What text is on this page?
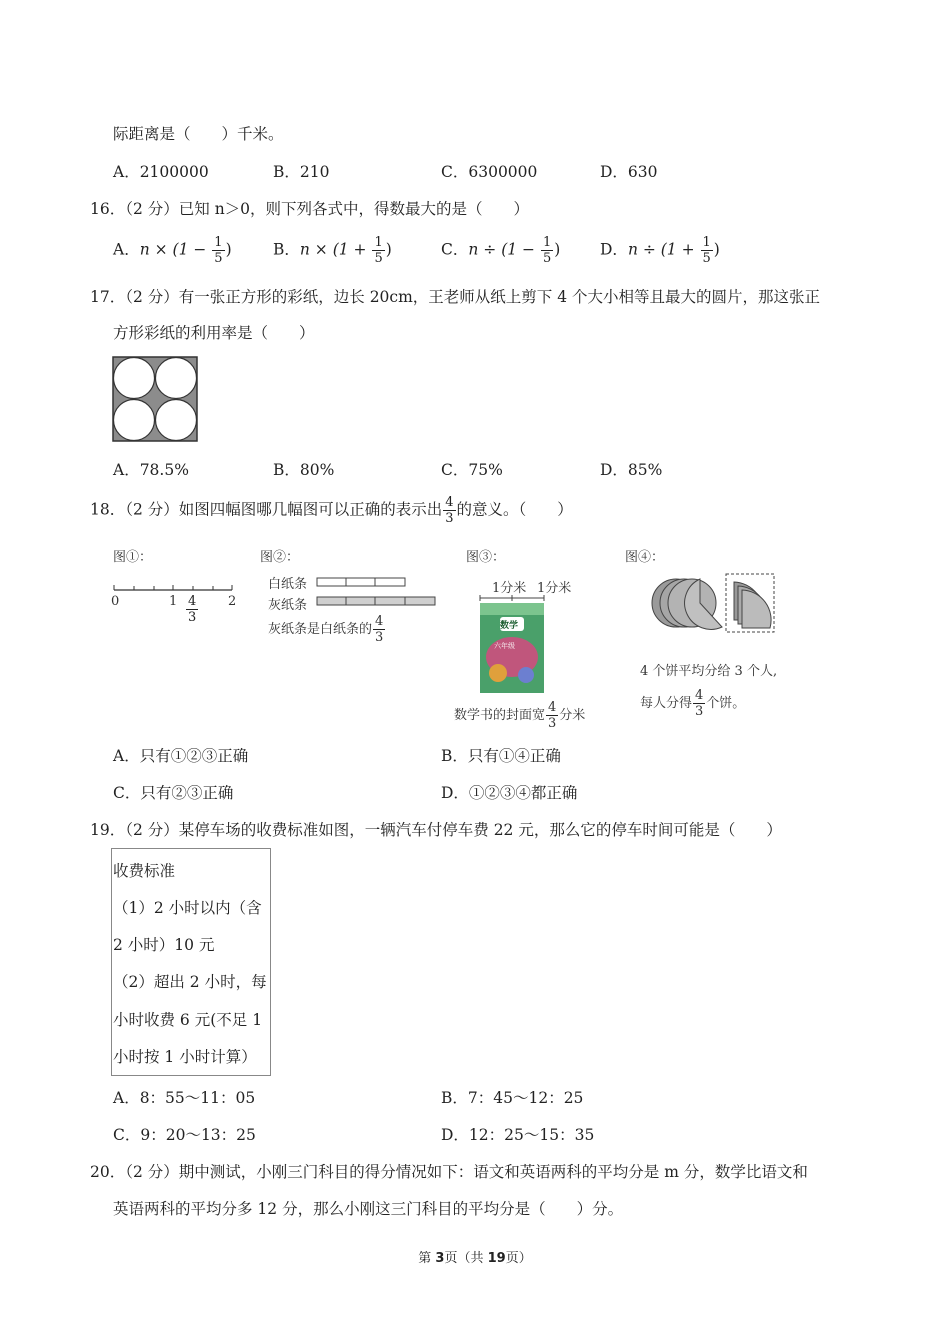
际距离是（　　）千米。
A．2100000	B．210	C．6300000	D．630
16．（2 分）已知 n＞0，则下列各式中，得数最大的是（　　）
A．$n \times (1 - \frac{1}{5}$ )	B．$n \times (1 + \frac{1}{5}$ )	C．$n \div (1 - \frac{1}{5}$ )	D．$n \div (1 + \frac{1}{5}$ )
17．（2 分）有一张正方形的彩纸，边长 20cm，王老师从纸上剪下 4 个大小相等且最大的圆片，那这张正
方形彩纸的利用率是（　　）
A．78.5%	B．80%	C．75%	D．85%
18．（2 分）如图四幅图哪几幅图可以正确的表示出 $\frac{4}{3}$ 的意义。（　　）
图①：
0	1	2
$\frac{4}{3}$
图②：
白纸条
灰纸条
灰纸条是白纸条的 $\frac{4}{3}$
图③：
1分米 1分米
数学
六年级
数学书的封面宽 $\frac{4}{3}$ 分米
图④：
4 个饼平均分给 3 个人,
每人分得 $\frac{4}{3}$ 个饼。
A．只有①②③正确	B．只有①④正确
C．只有②③正确	D．①②③④都正确
19．（2 分）某停车场的收费标准如图，一辆汽车付停车费 22 元，那么它的停车时间可能是（　　）
收费标准
（1）2 小时以内（含
2 小时）10 元
（2）超出 2 小时，每
小时收费 6 元(不足 1
小时按 1 小时计算）
A．8：55～11：05	B．7：45～12：25
C．9：20～13：25	D．12：25～15：35
20．（2 分）期中测试，小刚三门科目的得分情况如下：语文和英语两科的平均分是 m 分，数学比语文和
英语两科的平均分多 12 分，那么小刚这三门科目的平均分是（　　）分。
第 3页（共 19页）
